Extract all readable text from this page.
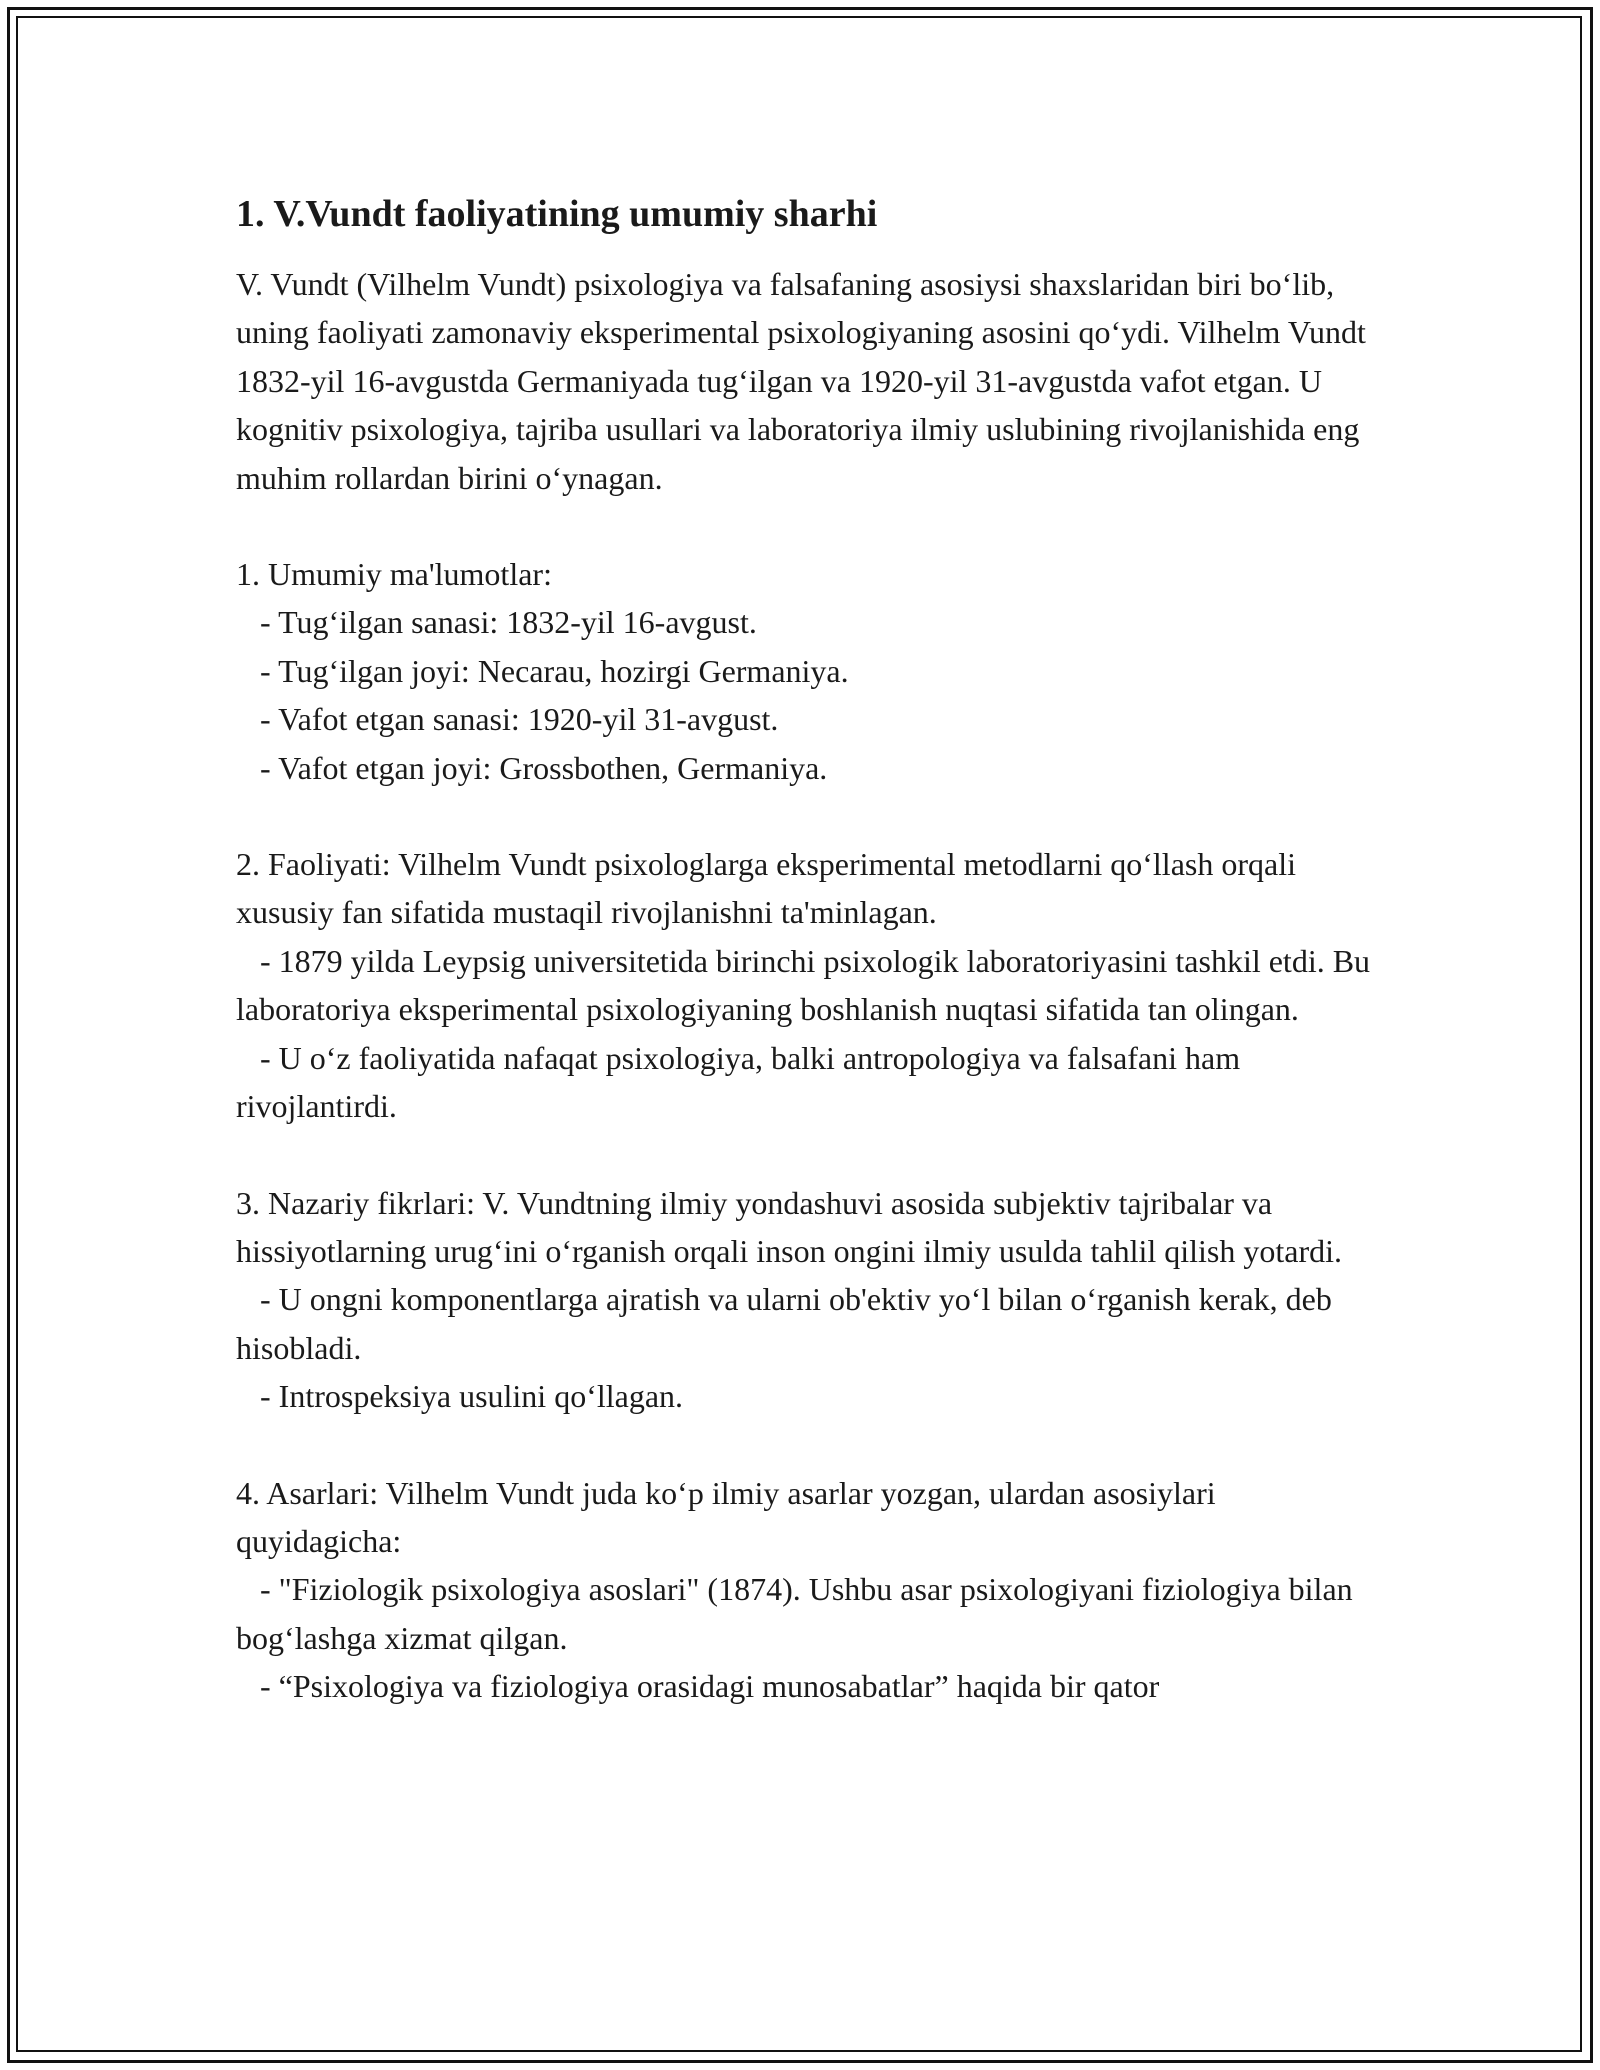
1. V.Vundt faoliyatining umumiy sharhi

V. Vundt (Vilhelm Vundt) psixologiya va falsafaning asosiysi shaxslaridan biri bo‘lib, uning faoliyati zamonaviy eksperimental psixologiyaning asosini qo‘ydi. Vilhelm Vundt 1832-yil 16-avgustda Germaniyada tug‘ilgan va 1920-yil 31-avgustda vafot etgan. U kognitiv psixologiya, tajriba usullari va laboratoriya ilmiy uslubining rivojlanishida eng muhim rollardan birini o‘ynagan.

1. Umumiy ma'lumotlar:

- Tug‘ilgan sanasi: 1832-yil 16-avgust.

- Tug‘ilgan joyi: Necarau, hozirgi Germaniya.

- Vafot etgan sanasi: 1920-yil 31-avgust.

- Vafot etgan joyi: Grossbothen, Germaniya.

2. Faoliyati: Vilhelm Vundt psixologlarga eksperimental metodlarni qo‘llash orqali xususiy fan sifatida mustaqil rivojlanishni ta'minlagan.

- 1879 yilda Leypsig universitetida birinchi psixologik laboratoriyasini tashkil etdi. Bu laboratoriya eksperimental psixologiyaning boshlanish nuqtasi sifatida tan olingan.

- U o‘z faoliyatida nafaqat psixologiya, balki antropologiya va falsafani ham rivojlantirdi.

3. Nazariy fikrlari: V. Vundtning ilmiy yondashuvi asosida subjektiv tajribalar va hissiyotlarning urug‘ini o‘rganish orqali inson ongini ilmiy usulda tahlil qilish yotardi.

- U ongni komponentlarga ajratish va ularni ob'ektiv yo‘l bilan o‘rganish kerak, deb hisobladi.

- Introspeksiya usulini qo‘llagan.

4. Asarlari: Vilhelm Vundt juda ko‘p ilmiy asarlar yozgan, ulardan asosiylari quyidagicha:

- "Fiziologik psixologiya asoslari" (1874). Ushbu asar psixologiyani fiziologiya bilan bog‘lashga xizmat qilgan.

- “Psixologiya va fiziologiya orasidagi munosabatlar” haqida bir qator
